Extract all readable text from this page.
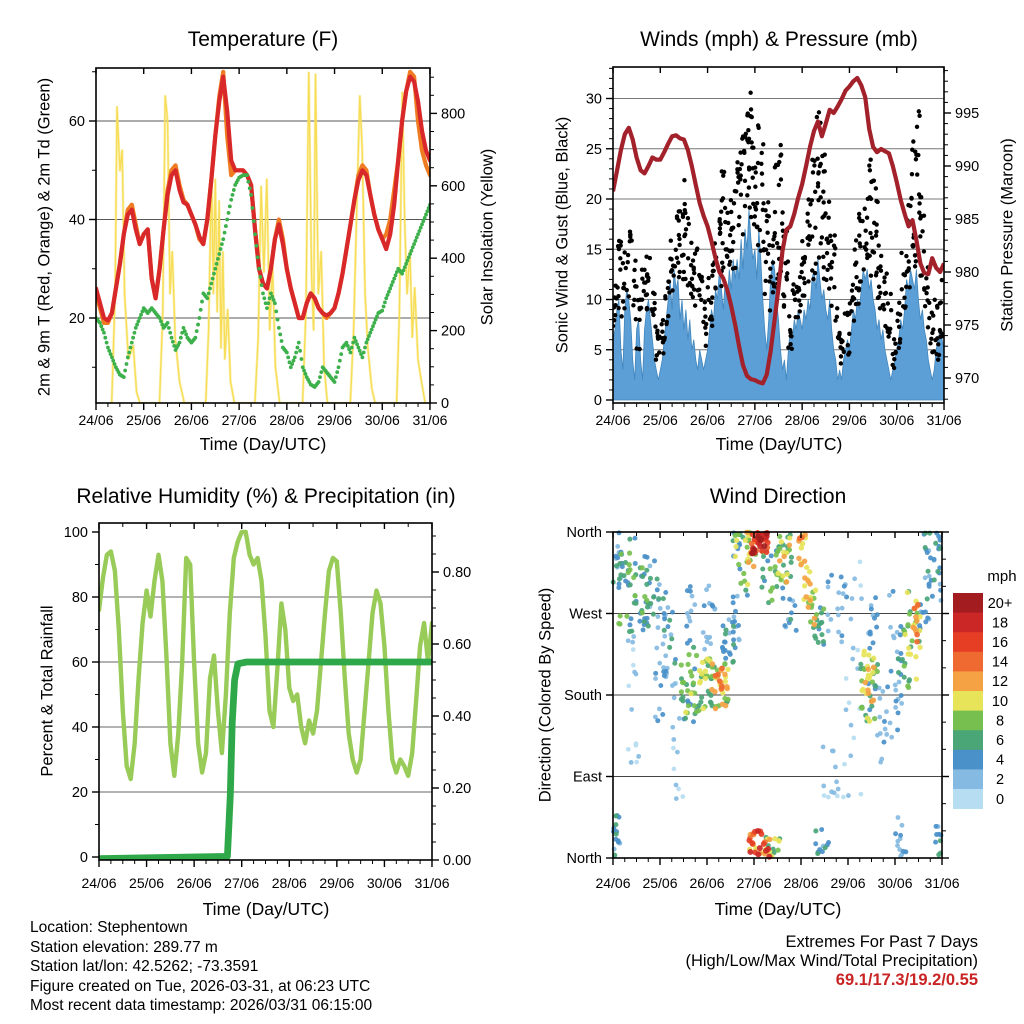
20
40
60
0
200
400
600
800
24/06 25/06 26/06 27/06 28/06 29/06 30/06 31/06
0
5
10
15
20
25
30
970
975
980
985
990
995
24/06 25/06 26/06 27/06 28/06 29/06 30/06 31/06
0
20
40
60
80
100
0.00
0.20
0.40
0.60
0.80
24/06 25/06 26/06 27/06 28/06 29/06 30/06 31/06
North
West
South
East
North
24/06 25/06 26/06 27/06 28/06 29/06 30/06 31/06
20+
18
16
14
12
10
8
6
4
2
0
Temperature (F)
2m & 9m T (Red, Orange) & 2m Td (Green)	Solar Insolation (Yellow)
Time (Day/UTC)
Winds (mph) & Pressure (mb)
Sonic Wind & Gust (Blue, Black)	Station Pressure (Maroon)
Time (Day/UTC)
Relative Humidity (%) & Precipitation (in)
Percent & Total Rainfall
Time (Day/UTC)
Wind Direction
Direction (Colored By Speed)
Time (Day/UTC)
mph
Location: Stephentown
Station elevation: 289.77 m
Station lat/lon: 42.5262; -73.3591
Figure created on Tue, 2026-03-31, at 06:23 UTC
Most recent data timestamp: 2026/03/31 06:15:00
Extremes For Past 7 Days
(High/Low/Max Wind/Total Precipitation)
69.1/17.3/19.2/0.55
